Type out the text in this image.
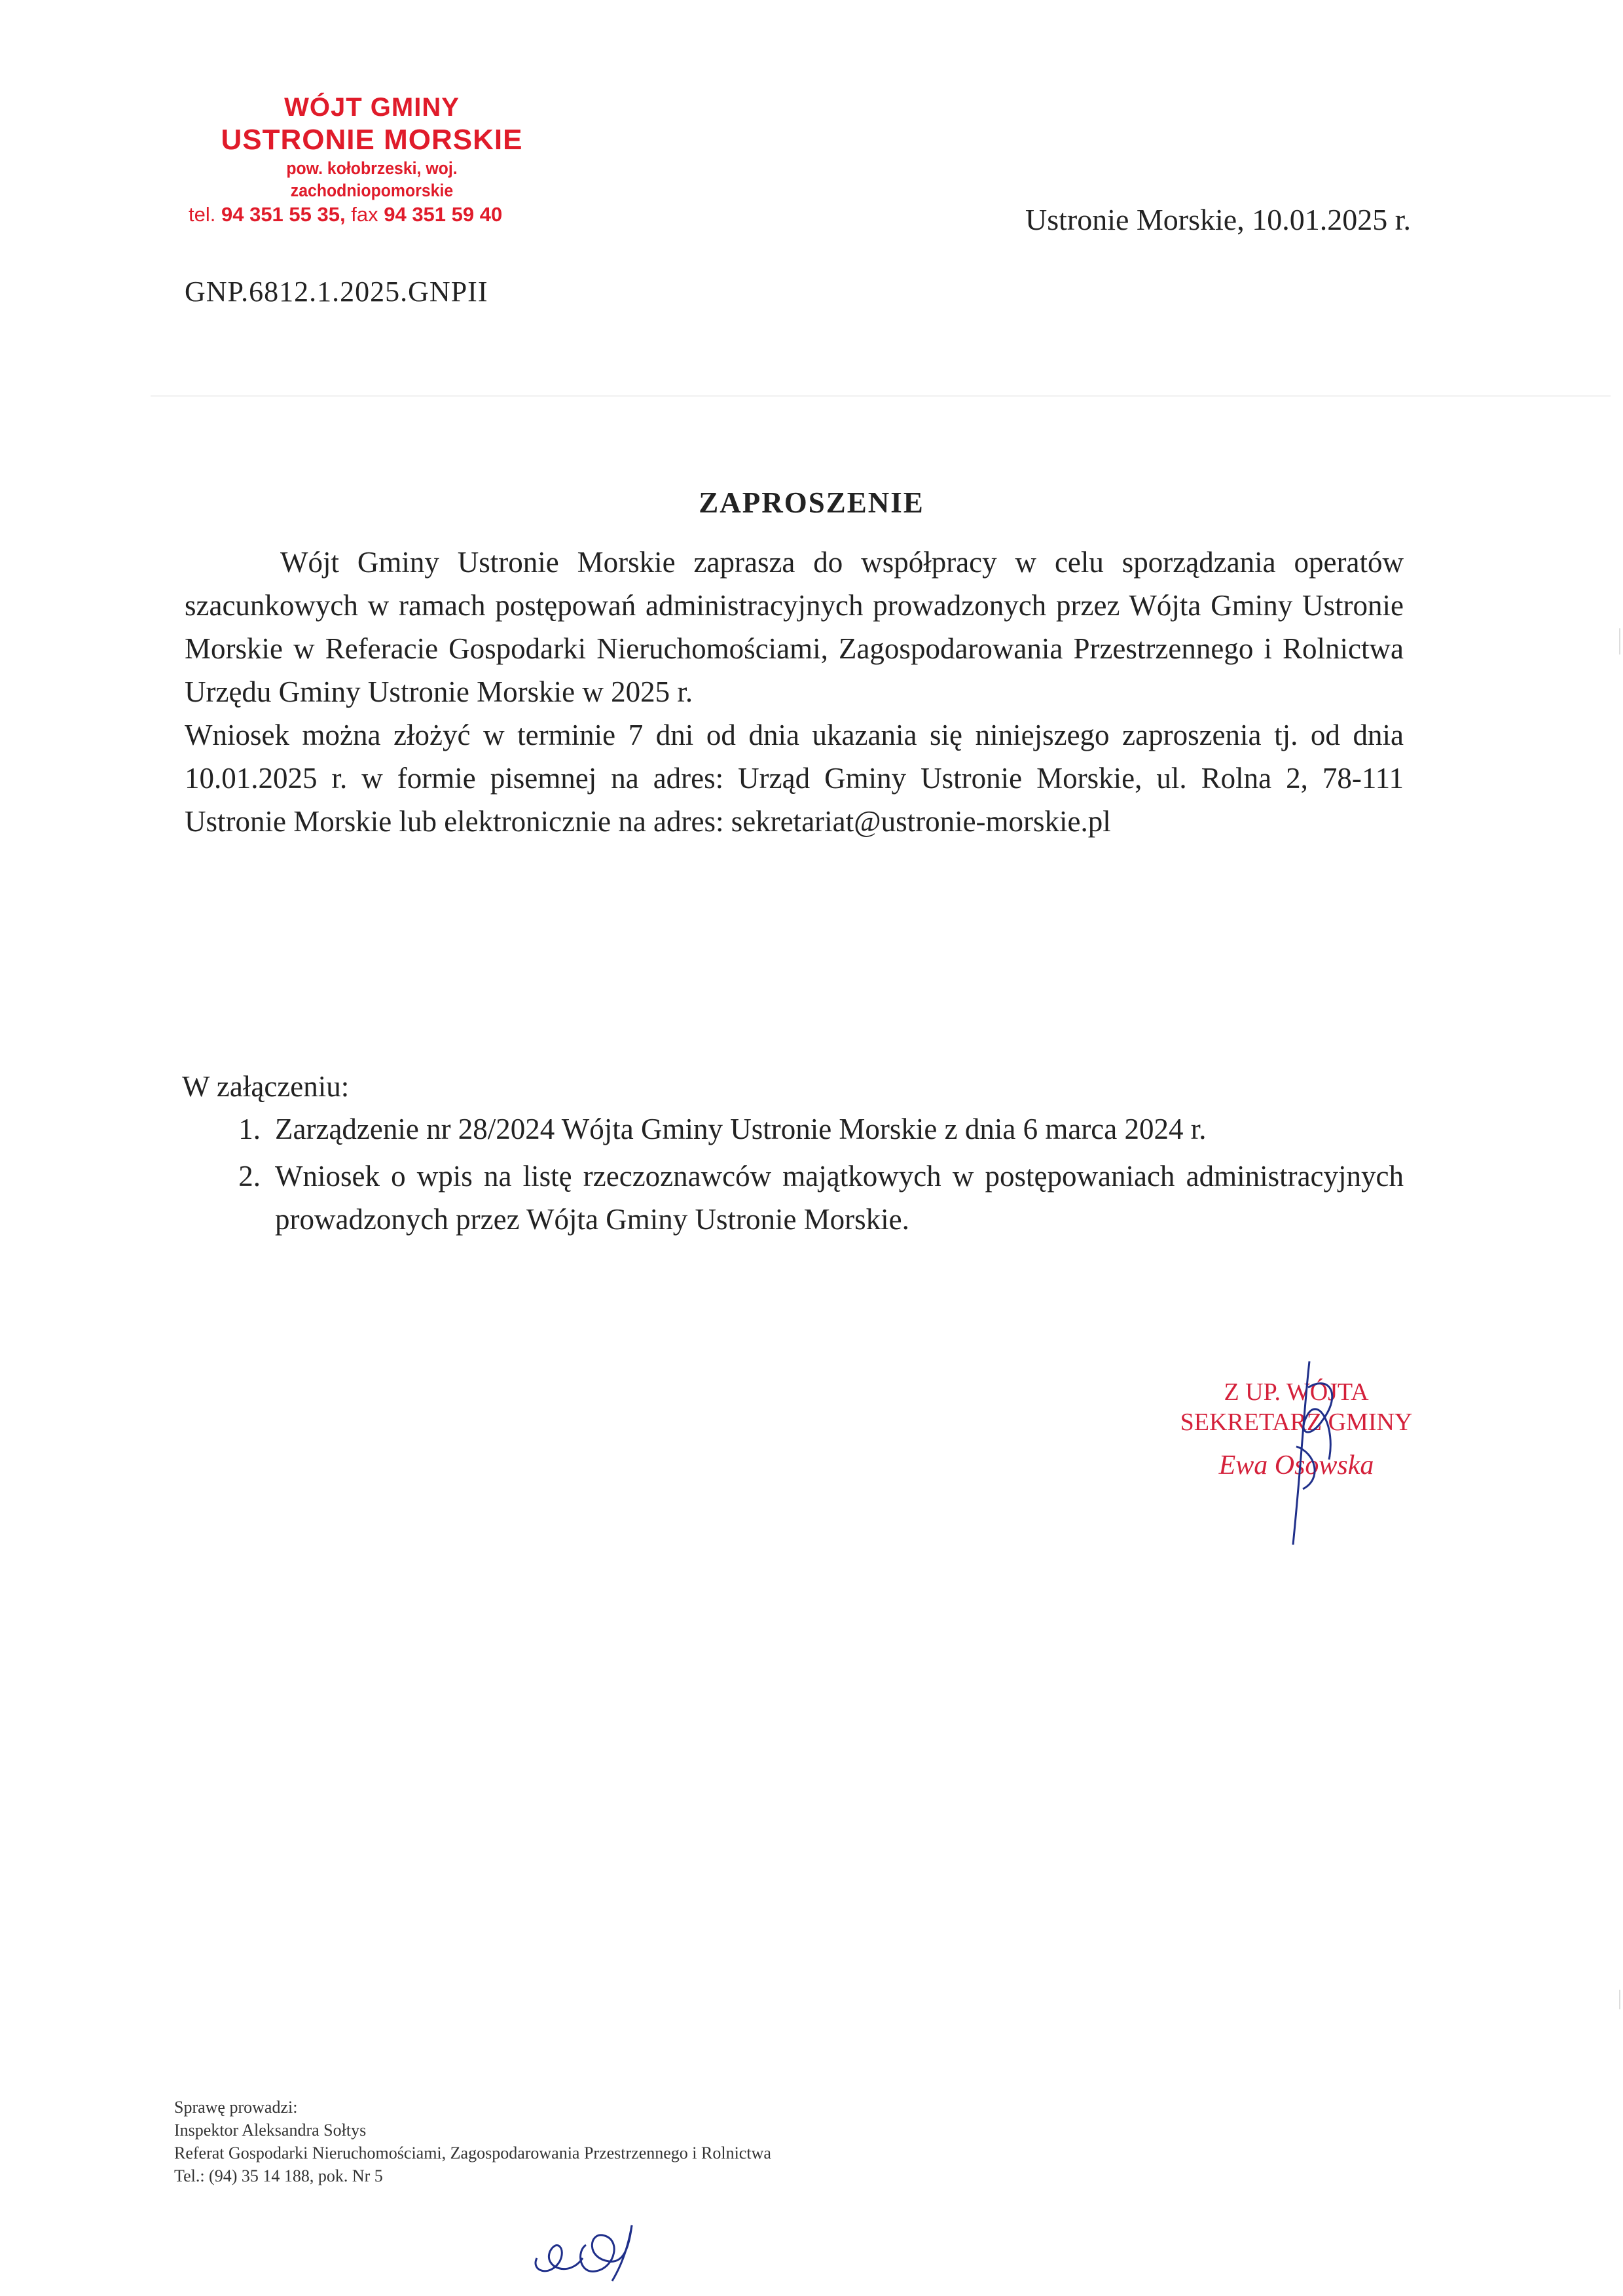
WÓJT GMINY
USTRONIE MORSKIE
pow. kołobrzeski, woj. zachodniopomorskie
tel. 94 351 55 35, fax 94 351 59 40	Ustronie Morskie, 10.01.2025 r.
GNP.6812.1.2025.GNPII
ZAPROSZENIE

Wójt Gminy Ustronie Morskie zaprasza do współpracy w celu sporządzania operatów szacunkowych w ramach postępowań administracyjnych prowadzonych przez Wójta Gminy Ustronie Morskie w Referacie Gospodarki Nieruchomościami, Zagospodarowania Przestrzennego i Rolnictwa Urzędu Gminy Ustronie Morskie w 2025 r.

Wniosek można złożyć w terminie 7 dni od dnia ukazania się niniejszego zaproszenia tj. od dnia 10.01.2025 r. w formie pisemnej na adres: Urząd Gminy Ustronie Morskie, ul. Rolna 2, 78-111 Ustronie Morskie lub elektronicznie na adres: sekretariat@ustronie-morskie.pl

W załączeniu:
1. Zarządzenie nr 28/2024 Wójta Gminy Ustronie Morskie z dnia 6 marca 2024 r.
2. Wniosek o wpis na listę rzeczoznawców majątkowych w postępowaniach administracyjnych prowadzonych przez Wójta Gminy Ustronie Morskie.
Z UP. WÓJTA
SEKRETARZ GMINY
Ewa Osowska
Sprawę prowadzi:
Inspektor Aleksandra Sołtys
Referat Gospodarki Nieruchomościami, Zagospodarowania Przestrzennego i Rolnictwa
Tel.: (94) 35 14 188, pok. Nr 5
